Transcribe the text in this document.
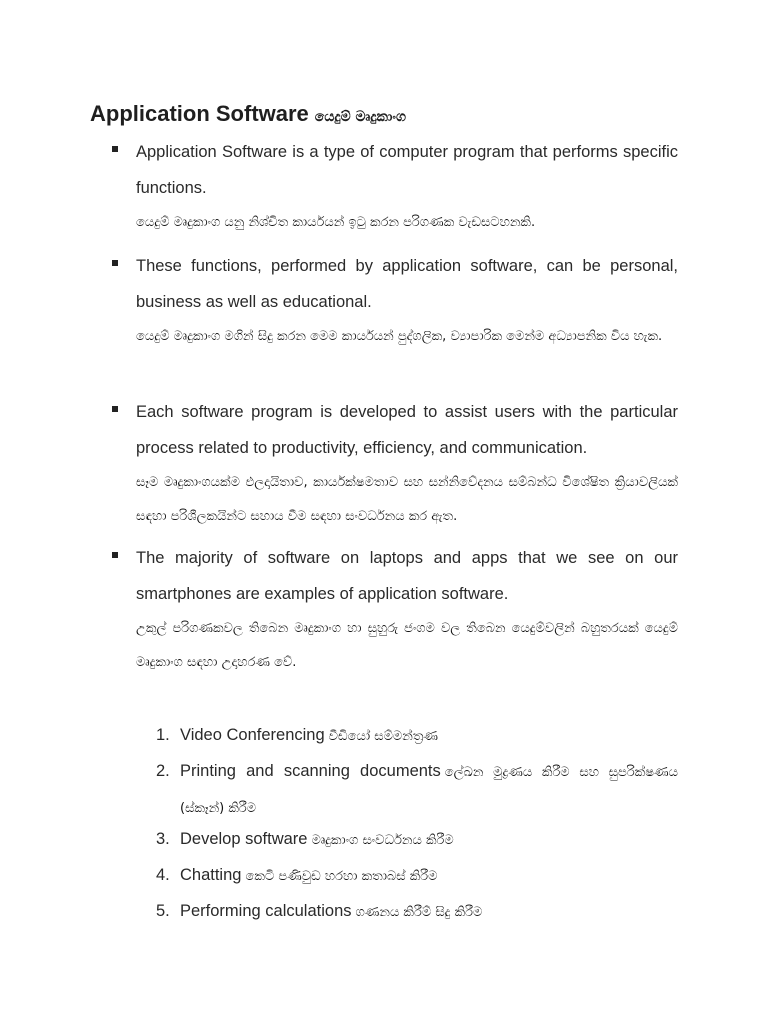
Application Software යෙදුම් මෘදුකාංග
Application Software is a type of computer program that performs specific functions.
යෙදුම් මෘදුකාංග යනු නිශ්චිත කාර්යයන් ඉටු කරන පරිගණක වැඩසටහනකි.
These functions, performed by application software, can be personal, business as well as educational.
යෙදුම් මෘදුකාංග මගින් සිදු කරන මෙම කාර්යයන් පුද්ගලික, ව්‍යාපාරික මෙන්ම අධ්‍යාපනික විය හැක.
Each software program is developed to assist users with the particular process related to productivity, efficiency, and communication.
සෑම මෘදුකාංගයක්ම ඵලදායිතාව, කාර්යක්ෂමතාව සහ සන්නිවේදනය සම්බන්ධ විශේෂිත ක්‍රියාවලියක් සඳහා පරිශීලකයින්ට සහාය වීම සඳහා සංවර්ධනය කර ඇත.
The majority of software on laptops and apps that we see on our smartphones are examples of application software.
උකුල් පරිගණකවල තිබෙන මෘදුකාංග හා සුහුරු ජංගම වල තිබෙන යෙදුම්වලින් බහුතරයක් යෙදුම් මෘදුකාංග සඳහා උදාහරණ වේ.
1. Video Conferencing වීඩියෝ සම්මන්ත්‍රණ
2. Printing and scanning documents ලේඛන මුද්‍රණය කිරීම සහ සුපරික්ෂණය (ස්කෑන්) කිරීම
3. Develop software මෘදුකාංග සංවර්ධනය කිරීම
4. Chatting කෙටි පණිවුඩ හරහා කතාබස් කිරීම
5. Performing calculations ගණනය කිරීම් සිදු කිරීම
